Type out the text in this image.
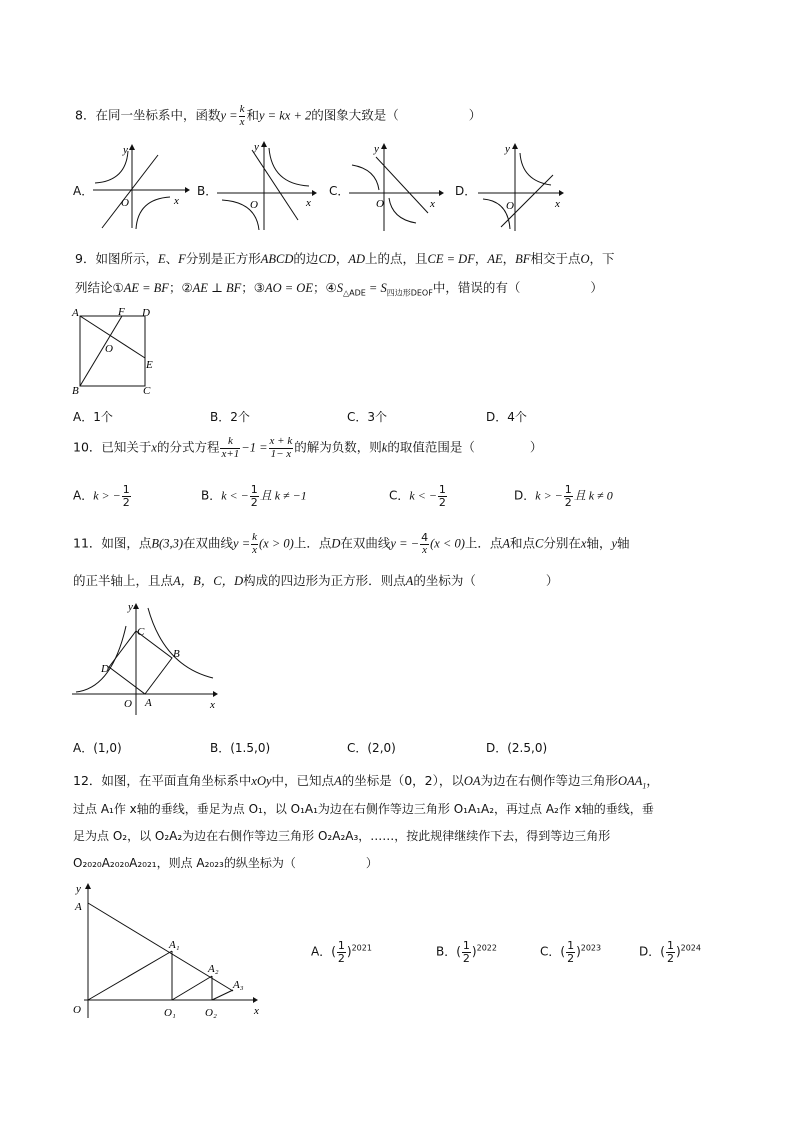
8．在同一坐标系中，函数$y = \frac{k}{x}$ 和y = kx + 2的图象大致是（	）
A．	B．	C．	D．
y
x
O
y
x
O
y
x
O
y
x
O
9．如图所示，E、F分别是正方形ABCD的边CD，AD上的点，且CE = DF，AE，BF相交于点O，下
列结论①AE = BF；②AE ⊥ BF；③AO = OE；$④S_{\triangle ADE} = S_{四边形DEOF}$中，错误的有（	）
A	F D
O
E
B	C
A．1个	B．2个	C．3个	D．4个
10．已知关于x的分式方程 $\frac{k}{x+1} -1 = \frac{x + k}{1- x}$ 的解为负数，则k的取值范围是（	）
A．k > − $\frac{1}{2}$	B．k < − $\frac{1}{2}$ 且 k ≠ −1	C．k < − $\frac{1}{2}$	D．k > − $\frac{1}{2}$ 且 k ≠ 0
11．如图，点B(3,3)在双曲线$y = \frac{k}{x} (x > 0)$上．点D在双曲线y = − $\frac{4}{x} (x < 0)$上．点A和点C分别在x轴，y轴
的正半轴上，且点A，B，C，D构成的四边形为正方形．则点A的坐标为（	）
y
C
B
D
O A	x
A．(1,0)	B．(1.5,0)	C．(2,0)	D．(2.5,0)
12．如图，在平面直角坐标系中xOy中，已知点A的坐标是（0，2），以OA为边在右侧作等边三角形$OAA_1$，
过点 A₁作 x轴的垂线，垂足为点 O₁，以 O₁A₁为边在右侧作等边三角形 O₁A₁A₂，再过点 A₂作 x轴的垂线，垂
足为点 O₂，以 O₂A₂为边在右侧作等边三角形 O₂A₂A₃，……，按此规律继续作下去，得到等边三角形
O₂₀₂₀A₂₀₂₀A₂₀₂₁，则点 A₂₀₂₃的纵坐标为（	）
y
A
A₁
A₂
A₃
O	O₁	O₂	x
A．( $\frac{1}{2} )^{2021}$	B．( $\frac{1}{2} )^{2022}$	C．( $\frac{1}{2} )^{2023}$	D．( $\frac{1}{2} )^{2024}$
